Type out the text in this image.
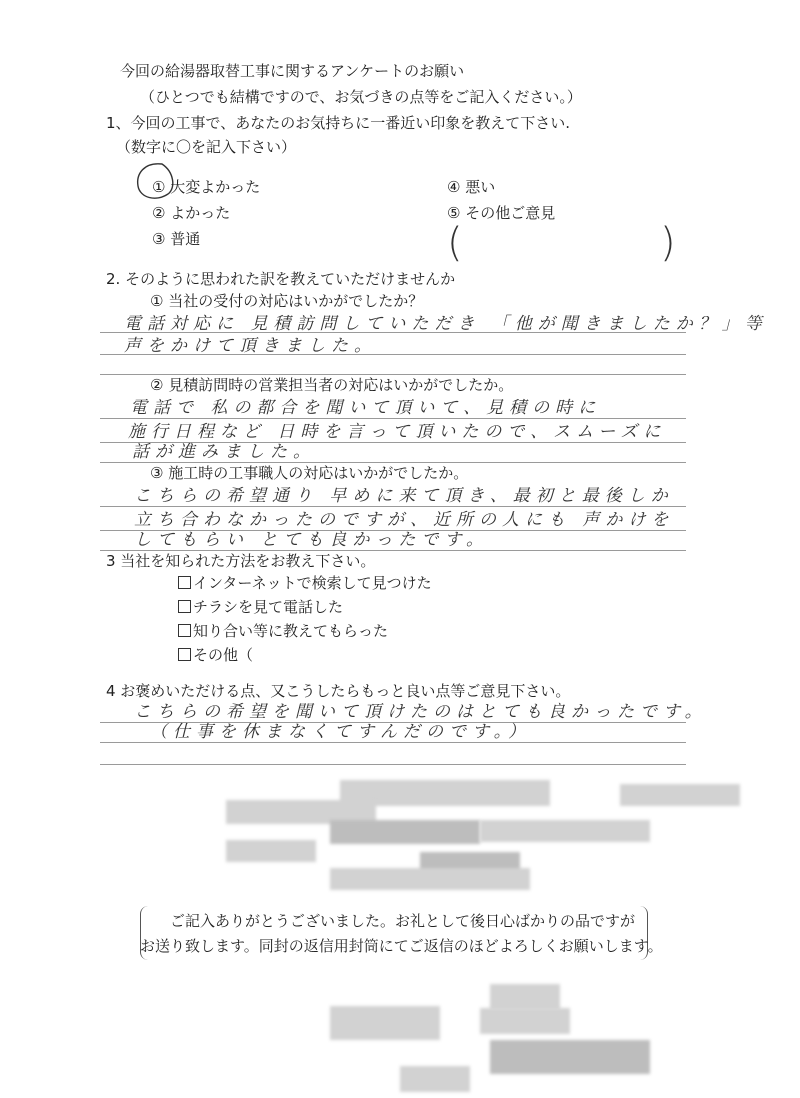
今回の給湯器取替工事に関するアンケートのお願い
（ひとつでも結構ですので、お気づきの点等をご記入ください。）
1、今回の工事で、あなたのお気持ちに一番近い印象を教えて下さい.
（数字に〇を記入下さい）
① 大変よかった
② よかった
③ 普通
④ 悪い
⑤ その他ご意見
(	)
2. そのように思われた訳を教えていただけませんか
① 当社の受付の対応はいかがでしたか？
電話対応に 見積訪問していただき 「他が聞きましたか？」等
声をかけて頂きました。
② 見積訪問時の営業担当者の対応はいかがでしたか。
電話で 私の都合を聞いて頂いて、見積の時に
施行日程など 日時を言って頂いたので、スムーズに
話が進みました。
③ 施工時の工事職人の対応はいかがでしたか。
こちらの希望通り 早めに来て頂き、最初と最後しか
立ち合わなかったのですが、近所の人にも 声かけを
してもらい とても良かったです。
3 当社を知られた方法をお教え下さい。
インターネットで検索して見つけた
チラシを見て電話した
知り合い等に教えてもらった
その他（
4 お褒めいただける点、又こうしたらもっと良い点等ご意見下さい。
こちらの希望を聞いて頂けたのはとても良かったです。
（仕事を休まなくてすんだのです。）
ご記入ありがとうございました。お礼として後日心ばかりの品ですが
お送り致します。同封の返信用封筒にてご返信のほどよろしくお願いします。
